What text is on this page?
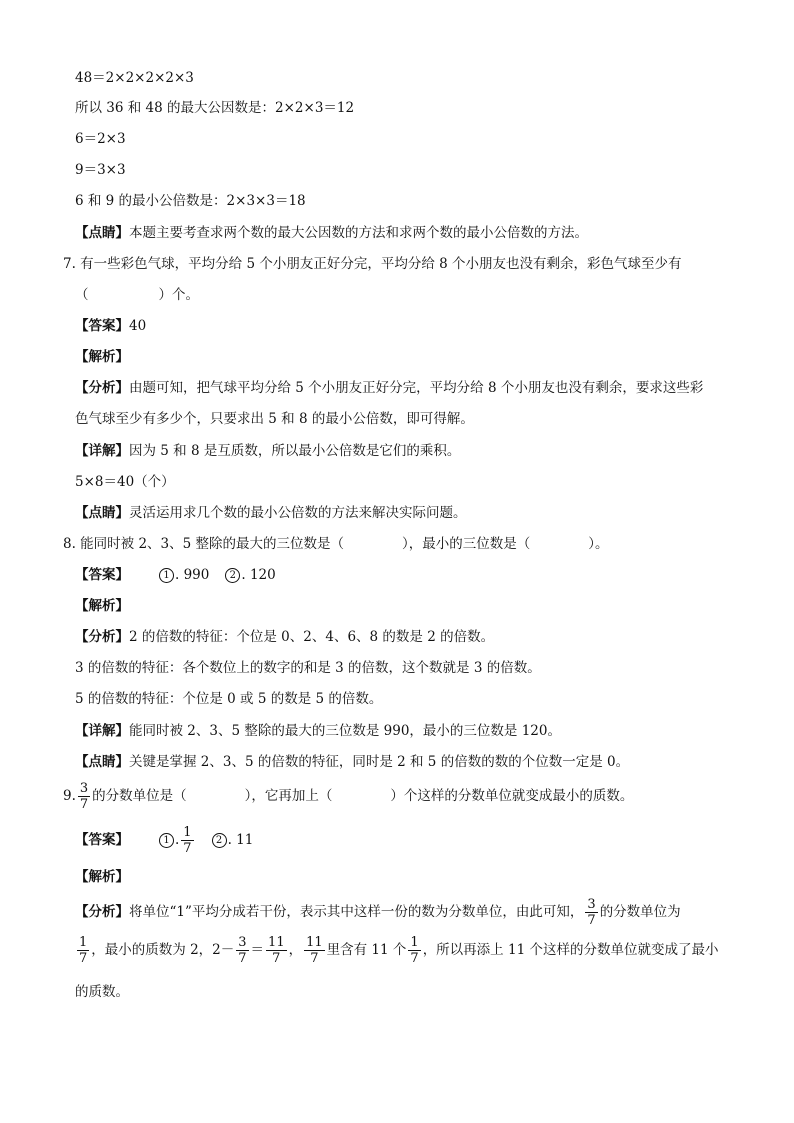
48＝2×2×2×2×3
所以 36 和 48 的最大公因数是：2×2×3＝12
6＝2×3
9＝3×3
6 和 9 的最小公倍数是：2×3×3＝18
【点睛】本题主要考查求两个数的最大公因数的方法和求两个数的最小公倍数的方法。
7. 有一些彩色气球，平均分给 5 个小朋友正好分完，平均分给 8 个小朋友也没有剩余，彩色气球至少有
（	）个。
【答案】40
【解析】
【分析】由题可知，把气球平均分给 5 个小朋友正好分完，平均分给 8 个小朋友也没有剩余，要求这些彩
色气球至少有多少个，只要求出 5 和 8 的最小公倍数，即可得解。
【详解】因为 5 和 8 是互质数，所以最小公倍数是它们的乘积。
5×8＝40（个）
【点睛】灵活运用求几个数的最小公倍数的方法来解决实际问题。
8. 能同时被 2、3、5 整除的最大的三位数是（	），最小的三位数是（	）。
【答案】	1 . 990 2 . 120
【解析】
【分析】2 的倍数的特征：个位是 0、2、4、6、8 的数是 2 的倍数。
3 的倍数的特征：各个数位上的数字的和是 3 的倍数，这个数就是 3 的倍数。
5 的倍数的特征：个位是 0 或 5 的数是 5 的倍数。
【详解】能同时被 2、3、5 整除的最大的三位数是 990，最小的三位数是 120。
【点睛】关键是掌握 2、3、5 的倍数的特征，同时是 2 和 5 的倍数的数的个位数一定是 0。
9. $\frac{3}{7}$ 的分数单位是（	），它再加上（	）个这样的分数单位就变成最小的质数。
【答案】	1 . $\frac{1}{7} 2$ . 11
【解析】
【分析】将单位“1”平均分成若干份，表示其中这样一份的数为分数单位，由此可知， $\frac{3}{7}$ 的分数单位为
$\frac{1}{7}$ ，最小的质数为 2，$2- \frac{3}{7} = \frac{11}{7}$ ， $\frac{11}{7}$ 里含有 11 个 $\frac{1}{7}$ ，所以再添上 11 个这样的分数单位就变成了最小
的质数。
